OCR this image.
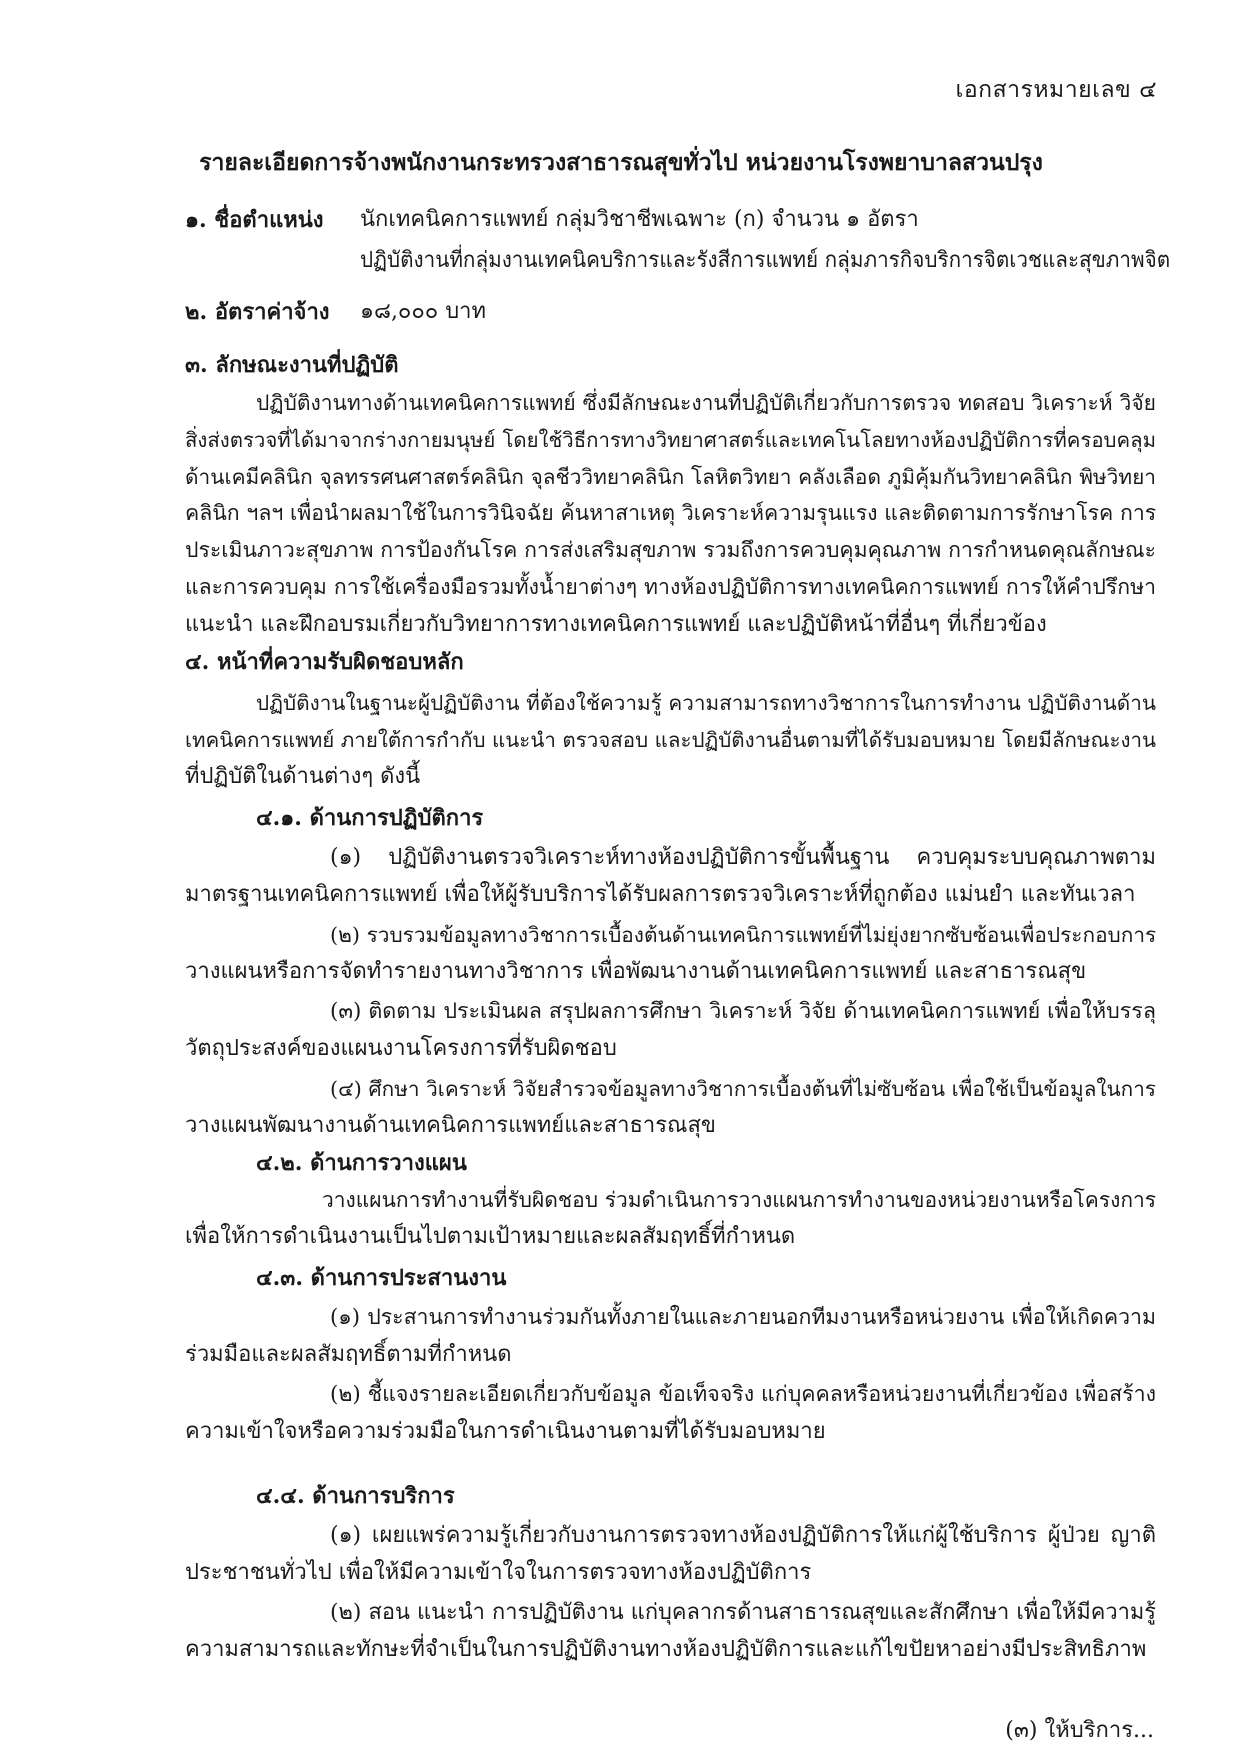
เอกสารหมายเลข ๔
รายละเอียดการจ้างพนักงานกระทรวงสาธารณสุขทั่วไป หน่วยงานโรงพยาบาลสวนปรุง
๑. ชื่อตำแหน่ง นักเทคนิคการแพทย์ กลุ่มวิชาชีพเฉพาะ (ก) จำนวน ๑ อัตรา
ปฏิบัติงานที่กลุ่มงานเทคนิคบริการและรังสีการแพทย์ กลุ่มภารกิจบริการจิตเวชและสุขภาพจิต
๒. อัตราค่าจ้าง ๑๘,๐๐๐ บาท
๓. ลักษณะงานที่ปฏิบัติ
ปฏิบัติงานทางด้านเทคนิคการแพทย์ ซึ่งมีลักษณะงานที่ปฏิบัติเกี่ยวกับการตรวจ ทดสอบ วิเคราะห์ วิจัย
สิ่งส่งตรวจที่ได้มาจากร่างกายมนุษย์ โดยใช้วิธีการทางวิทยาศาสตร์และเทคโนโลยทางห้องปฏิบัติการที่ครอบคลุม
ด้านเคมีคลินิก จุลทรรศนศาสตร์คลินิก จุลชีววิทยาคลินิก โลหิตวิทยา คลังเลือด ภูมิคุ้มกันวิทยาคลินิก พิษวิทยา
คลินิก ฯลฯ เพื่อนำผลมาใช้ในการวินิจฉัย ค้นหาสาเหตุ วิเคราะห์ความรุนแรง และติดตามการรักษาโรค การ
ประเมินภาวะสุขภาพ การป้องกันโรค การส่งเสริมสุขภาพ รวมถึงการควบคุมคุณภาพ การกำหนดคุณลักษณะ
และการควบคุม การใช้เครื่องมือรวมทั้งน้ำยาต่างๆ ทางห้องปฏิบัติการทางเทคนิคการแพทย์ การให้คำปรึกษา
แนะนำ และฝึกอบรมเกี่ยวกับวิทยาการทางเทคนิคการแพทย์ และปฏิบัติหน้าที่อื่นๆ ที่เกี่ยวข้อง
๔. หน้าที่ความรับผิดชอบหลัก
ปฏิบัติงานในฐานะผู้ปฏิบัติงาน ที่ต้องใช้ความรู้ ความสามารถทางวิชาการในการทำงาน ปฏิบัติงานด้าน
เทคนิคการแพทย์ ภายใต้การกำกับ แนะนำ ตรวจสอบ และปฏิบัติงานอื่นตามที่ได้รับมอบหมาย โดยมีลักษณะงาน
ที่ปฏิบัติในด้านต่างๆ ดังนี้
๔.๑. ด้านการปฏิบัติการ
(๑) ปฏิบัติงานตรวจวิเคราะห์ทางห้องปฏิบัติการขั้นพื้นฐาน ควบคุมระบบคุณภาพตาม
มาตรฐานเทคนิคการแพทย์ เพื่อให้ผู้รับบริการได้รับผลการตรวจวิเคราะห์ที่ถูกต้อง แม่นยำ และทันเวลา
(๒) รวบรวมข้อมูลทางวิชาการเบื้องต้นด้านเทคนิการแพทย์ที่ไม่ยุ่งยากซับซ้อนเพื่อประกอบการ
วางแผนหรือการจัดทำรายงานทางวิชาการ เพื่อพัฒนางานด้านเทคนิคการแพทย์ และสาธารณสุข
(๓) ติดตาม ประเมินผล สรุปผลการศึกษา วิเคราะห์ วิจัย ด้านเทคนิคการแพทย์ เพื่อให้บรรลุ
วัตถุประสงค์ของแผนงานโครงการที่รับผิดชอบ
(๔) ศึกษา วิเคราะห์ วิจัยสำรวจข้อมูลทางวิชาการเบื้องต้นที่ไม่ซับซ้อน เพื่อใช้เป็นข้อมูลในการ
วางแผนพัฒนางานด้านเทคนิคการแพทย์และสาธารณสุข
๔.๒. ด้านการวางแผน
วางแผนการทำงานที่รับผิดชอบ ร่วมดำเนินการวางแผนการทำงานของหน่วยงานหรือโครงการ
เพื่อให้การดำเนินงานเป็นไปตามเป้าหมายและผลสัมฤทธิ์ที่กำหนด
๔.๓. ด้านการประสานงาน
(๑) ประสานการทำงานร่วมกันทั้งภายในและภายนอกทีมงานหรือหน่วยงาน เพื่อให้เกิดความ
ร่วมมือและผลสัมฤทธิ์ตามที่กำหนด
(๒) ชี้แจงรายละเอียดเกี่ยวกับข้อมูล ข้อเท็จจริง แก่บุคคลหรือหน่วยงานที่เกี่ยวข้อง เพื่อสร้าง
ความเข้าใจหรือความร่วมมือในการดำเนินงานตามที่ได้รับมอบหมาย
๔.๔. ด้านการบริการ
(๑) เผยแพร่ความรู้เกี่ยวกับงานการตรวจทางห้องปฏิบัติการให้แก่ผู้ใช้บริการ ผู้ป่วย ญาติ
ประชาชนทั่วไป เพื่อให้มีความเข้าใจในการตรวจทางห้องปฏิบัติการ
(๒) สอน แนะนำ การปฏิบัติงาน แก่บุคลากรด้านสาธารณสุขและสักศึกษา เพื่อให้มีความรู้
ความสามารถและทักษะที่จำเป็นในการปฏิบัติงานทางห้องปฏิบัติการและแก้ไขปัยหาอย่างมีประสิทธิภาพ
(๓) ให้บริการ...
